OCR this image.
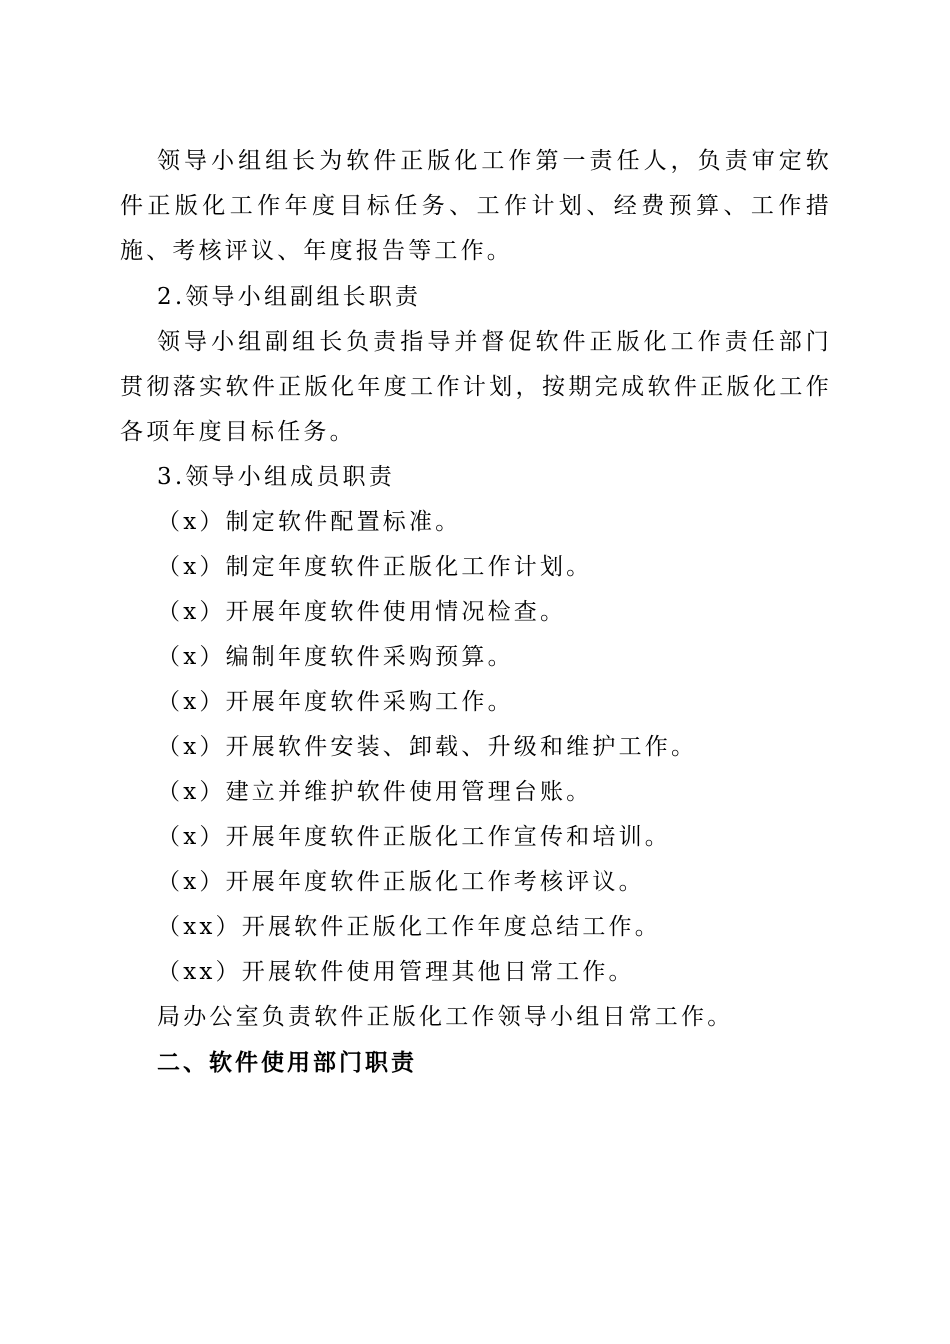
领导小组组长为软件正版化工作第一责任人，负责审定软件正版化工作年度目标任务、工作计划、经费预算、工作措施、考核评议、年度报告等工作。

2.领导小组副组长职责

领导小组副组长负责指导并督促软件正版化工作责任部门贯彻落实软件正版化年度工作计划，按期完成软件正版化工作各项年度目标任务。

3.领导小组成员职责
（x）制定软件配置标准。
（x）制定年度软件正版化工作计划。
（x）开展年度软件使用情况检查。
（x）编制年度软件采购预算。
（x）开展年度软件采购工作。
（x）开展软件安装、卸载、升级和维护工作。
（x）建立并维护软件使用管理台账。
（x）开展年度软件正版化工作宣传和培训。
（x）开展年度软件正版化工作考核评议。
（xx）开展软件正版化工作年度总结工作。
（xx）开展软件使用管理其他日常工作。
局办公室负责软件正版化工作领导小组日常工作。
二、软件使用部门职责
